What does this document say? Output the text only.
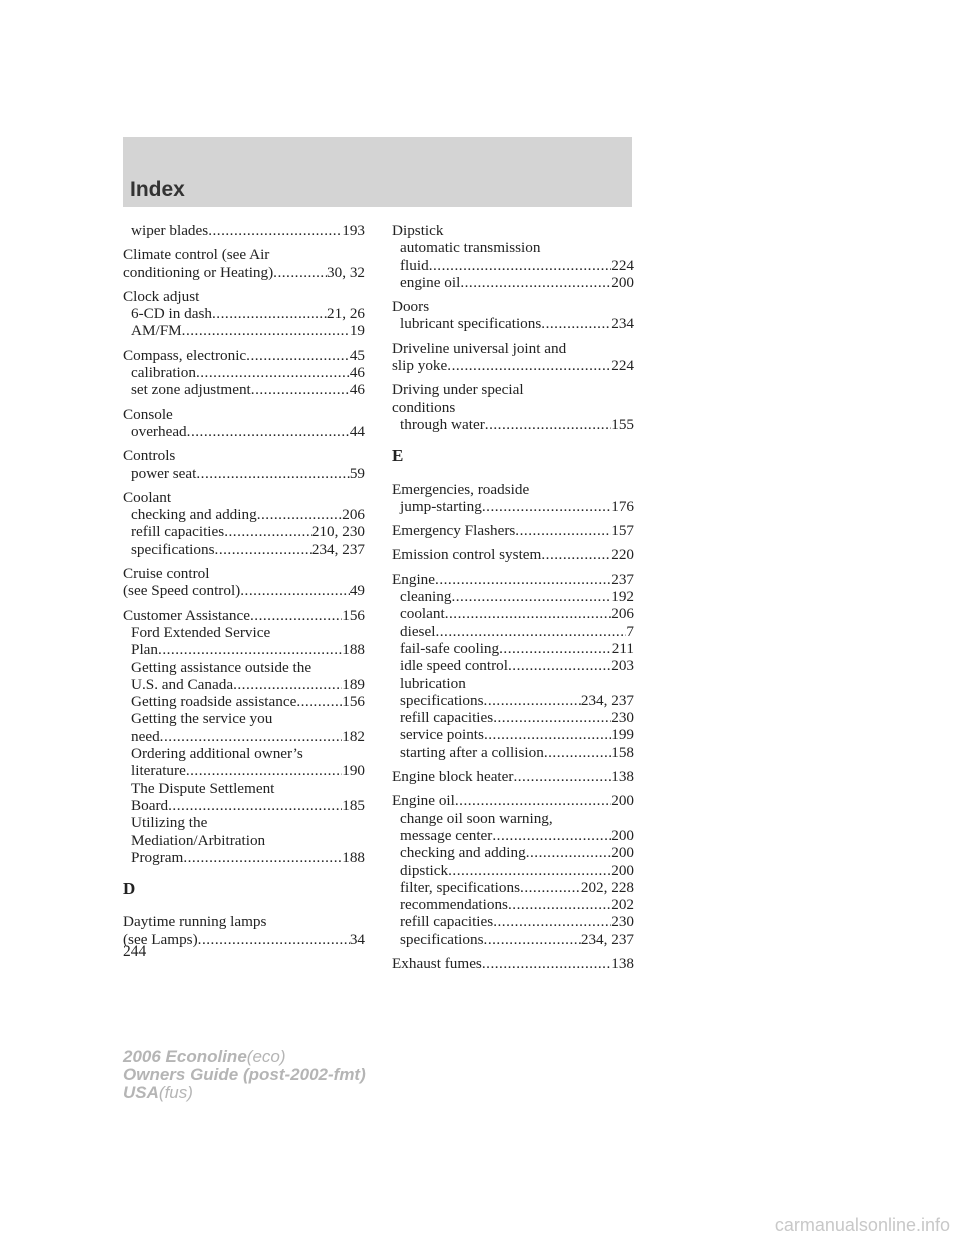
Index
wiper blades .....	193
Climate control (see Air
conditioning or Heating) .....	30, 32
Clock adjust
6-CD in dash .....	21, 26
AM/FM .....	19
Compass, electronic .....	45
calibration .....	46
set zone adjustment .....	46
Console
overhead .....	44
Controls
power seat .....	59
Coolant
checking and adding .....	206
refill capacities .....	210, 230
specifications .....	234, 237
Cruise control
(see Speed control) .....	49
Customer Assistance .....	156
Ford Extended Service
Plan .....	188
Getting assistance outside the
U.S. and Canada .....	189
Getting roadside assistance .....	156
Getting the service you
need .....	182
Ordering additional owner’s
literature .....	190
The Dispute Settlement
Board .....	185
Utilizing the
Mediation/Arbitration
Program .....	188
D
Daytime running lamps
(see Lamps) .....	34
Dipstick
automatic transmission
fluid .....	224
engine oil .....	200
Doors
lubricant specifications .....	234
Driveline universal joint and
slip yoke .....	224
Driving under special
conditions
through water .....	155
E
Emergencies, roadside
jump-starting .....	176
Emergency Flashers .....	157
Emission control system .....	220
Engine .....	237
cleaning .....	192
coolant .....	206
diesel .....	7
fail-safe cooling .....	211
idle speed control .....	203
lubrication
specifications .....	234, 237
refill capacities .....	230
service points .....	199
starting after a collision .....	158
Engine block heater .....	138
Engine oil .....	200
change oil soon warning,
message center .....	200
checking and adding .....	200
dipstick .....	200
filter, specifications .....	202, 228
recommendations .....	202
refill capacities .....	230
specifications .....	234, 237
Exhaust fumes .....	138
244
2006 Econoline(eco)
Owners Guide (post-2002-fmt)
USA(fus)
carmanualsonline.info
